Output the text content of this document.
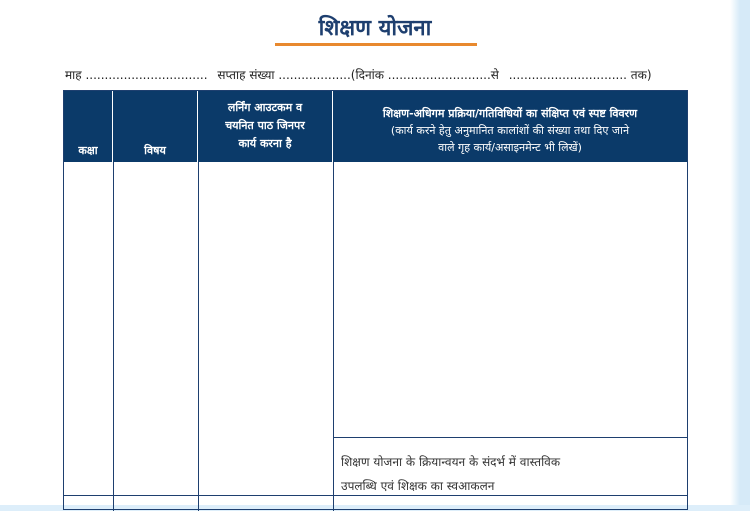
शिक्षण योजना
माह ................................ सप्ताह संख्या ...................(दिनांक ...........................से ............................... तक)
कक्षा	विषय
लर्निंग आउटकम व
चयनित पाठ जिनपर
कार्य करना है
शिक्षण-अधिगम प्रक्रिया/गतिविधियों का संक्षिप्त एवं स्पष्ट विवरण
(कार्य करने हेतु अनुमानित कालांशों की संख्या तथा दिए जाने
वाले गृह कार्य/असाइनमेन्ट भी लिखें)
शिक्षण योजना के क्रियान्वयन के संदर्भ में वास्तविक
उपलब्धि एवं शिक्षक का स्वआकलन
